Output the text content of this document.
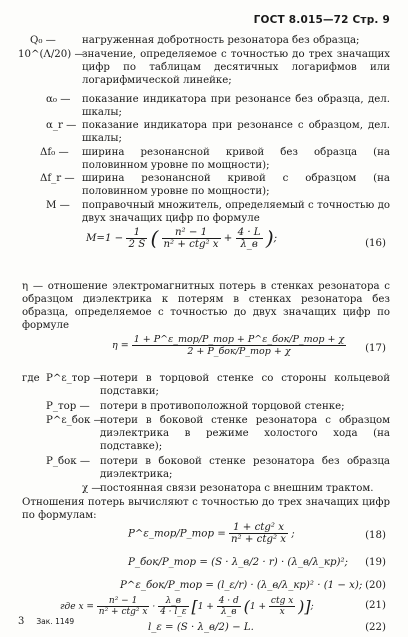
ГОСТ 8.015—72 Стр. 9
Q₀ —	нагруженная добротность резонатора без образца;
10^(Λ/20) —
значение, определяемое с точностью до трех значащих цифр по таблицам десятичных логарифмов или логарифмической линейке;
α₀ — показание индикатора при резонансе без образца, дел. шкалы;
α_r — показание индикатора при резонансе с образцом, дел. шкалы;
Δf₀ — ширина резонансной кривой без образца (на половинном уровне по мощности);
Δf_r — ширина резонансной кривой с образцом (на половинном уровне по мощности);
M — поправочный множитель, определяемый с точностью до двух значащих цифр по формуле
$M=1 - \frac{1}{2 S}$ ( $\frac{\text{n² − 1}}{\text{n² + ctg² x}} + \frac{4 \cdot L}{\lambda\_в}$ );	(16)
η — отношение электромагнитных потерь в стенках резонатора с образцом диэлектрика к потерям в стенках резонатора без образца, определяемое с точностью до двух значащих цифр по формуле
$\eta = \frac{\text{1 + P\textasciicircum{}ε\_тор/P\_тор + P\textasciicircum{}ε\_бок/P\_тор + χ}}{\text{2 + P\_бок/P\_тор + χ}} (17)$
где P^ε_тор —
потери в торцовой стенке со стороны кольцевой подставки;
P_тор — потери в противоположной торцовой стенке;
P^ε_бок —
потери в боковой стенке резонатора с образцом диэлектрика в режиме холостого хода (на подставке);
P_бок — потери в боковой стенке резонатора без образца диэлектрика;
χ —
постоянная связи резонатора с внешним трактом.
Отношения потерь вычисляют с точностью до трех значащих цифр по формулам:
P^ε_тор/P_тор = $\frac{\text{1 + ctg² x}}{\text{n² + ctg² x}}$ ;	(18)
P_бок/P_тор = (S · λ_в/2 · r) · (λ_в/λ_кр)²; (19)
P^ε_бок/P_тор = (l_ε/r) · (λ_в/λ_кр)² · (1 − x); (20)
где $x = \frac{\text{n² − 1}}{\text{n² + ctg² x}} \cdot \frac{\lambda\_в}{4 \cdot l\_\varepsilon} [1 + \frac{4 \cdot d}{\lambda\_в} (1 + \frac{\text{ctg x}}{x}$ )];	(21)
l_ε = (S · λ_в/2) − L.	(22)
3 Зак. 1149
